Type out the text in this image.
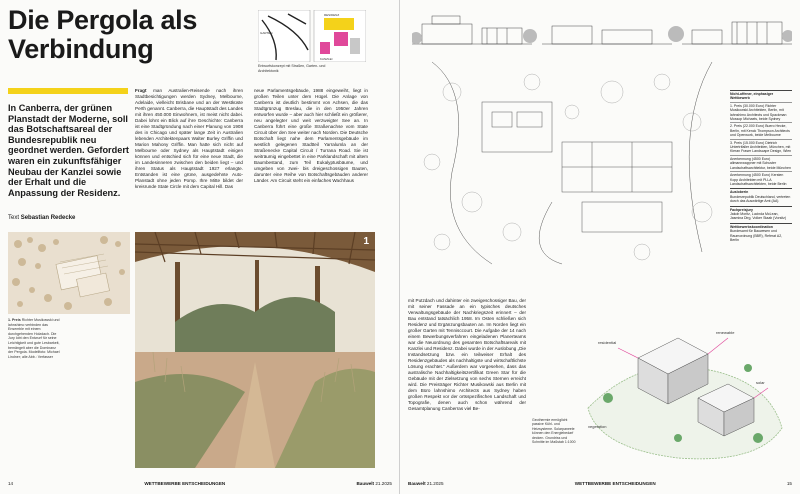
Die Pergola als Verbindung
GARTEN
RESIDENZ
KANZLEI
Entwurfskonzept mit Straßen, Garten- und Architektonik
In Canberra, der grünen Planstadt der Moderne, soll das Botschaftsareal der Bundesrepublik neu geordnet werden. Gefordert waren ein zukunftsfähiger Neubau der Kanzlei sowie der Erhalt und die Anpassung der Residenz.
Text Sebastian Redecke
Fragt man Australien-Reisende nach ihren Stadtbesichtigungen werden Sydney, Melbourne, Adelaide, vielleicht Brisbane und an der Westküste Perth genannt. Canberra, die Hauptstadt des Landes mit ihren 450.000 Einwohnern, ist meist nicht dabei. Dabei lohnt ein Blick auf ihre Geschichte: Canberra ist eine Stadtgründung nach einer Planung von 1908 des in Chicago und später lange Zeit in Australien lebenden Architektenpaars Walter Burley Griffin und Marion Mahony Griffin. Man hatte sich nicht auf Melbourne oder Sydney als Hauptstadt einigen können und entschied sich für eine neue Stadt, die im Landesinneren zwischen den beiden liegt – und ihren Status als Hauptstadt 1927 erlangte. Entstanden ist eine grüne, ausgedehnte Auto-Planstadt ohne jeden Pomp. Ihre Mitte bildet der kreisrunde State Circle mit dem Capital Hill. Das
neue Parlamentsgebäude, 1988 eingeweiht, liegt in großen Teilen unter dem Hügel. Die Anlage von Canberra ist deutlich bestimmt von Achsen, die das Stadtgrünzug Breslau, die in den 1950er Jahren entworfen wurde – aber auch hier schließt ein größerer, neu angelegter und weit verzweigter See an. In Canberra führt eine große Straßenachse vom State Circuit über den See weiter nach Norden. Die Deutsche Botschaft liegt nahe dem Parlamentsgebäude im westlich gelegenen Stadtteil Yarralumla an der Straßenecke Capital Circuit / Turrana Road. Sie ist weiträumig eingebettet in eine Parklandschaft mit altem Baumbestand, zum Teil Eukalyptusbäume, und umgeben von zwei- bis dreigeschossigen Bauten, darunter eine Reihe von Botschaftsgebäuden anderer Länder. Am Circuit steht ein einfaches Wachhaus
1. Preis Richter Musikowski und lahnshimo verbinden das Ensemble mit einem durchgehenden Holzdach. Die Jury lobt den Entwurf für seine Leichtigkeit und gute Lesbarkeit, bemängelt aber die Dominanz der Pergola. Modellfoto: Michael Lindner; alle Abb.: Verfasser
1
14	WETTBEWERBE ENTSCHEIDUNGEN	Bauwelt 21.2025
Nicht-offener, einphasiger Wettbewerb
1. Preis (30.000 Euro) Richter Musikowski Architekten, Berlin, mit lahnshimo Architects und Spackman Mossop Michaels, beide Sydney
2. Preis (22.000 Euro) Buero Hecke, Berlin, mit Kenck Thompson Architects und Openwork, beide Melbourne
3. Preis (15.000 Euro) Dietrich Untertrifaller Architekten, München, mit Kieran Fraser Landscape Design, Wien
Anerkennung (4500 Euro) allmannwappner mit Schuster Landschaftsarchitektur, beide München
Anerkennung (4500 Euro) Kersten Kopp Architekten mit PLLA Landschaftsarchitekten, beide Berlin
Ausloberin
Bundesrepublik Deutschland, vertreten durch das Auswärtige Amt (AA)
Fachpreisjury
Jakob Moritz, Lucinda McLean, Jasmina Dirg, Volker Staab (Vorsitz)
Wettbewerbskoordination
Bundesamt für Bauwesen und Raumordnung (BBR), Referat A2, Berlin
mit Putzdach und dahinter ein zweigeschossiger Bau, der mit seiner Fassade an ein typisches deutsches Verwaltungsgebäude der Nachkriegszeit erinnert – der Bau entstand tatsächlich 1958. Im Osten schließen sich Residenz und Ergänzungsbauten an. Im Norden liegt ein großer Garten mit Tennisccourt. Die Aufgabe der 14 nach einem Bewerbungsverfahren eingeladenen Planerteams war die Neuordnung des gesamten Botschaftsareals mit Kanzlei und Residenz. Dabei wurde in der Auslobung „Die Instandsetzung bzw. ein teilweiser Erhalt des Residenzgebäudes als nachhaltigste und wirtschaftlichste Lösung erachtet.“ Außerdem war vorgesehen, dass das australische Nachhaltigkeitszertifikat Green Star für die Gebäude mit der Zielsetzung von sechs Sternen erreicht wird. Die Preisträger Richter Musikowski aus Berlin mit dem Büro lahnshimo Architects aus Sydney haben großen Respekt vor der ortsspezifischen Landschaft und Topografie, denen auch schon während der Gesamtplanung Canberras viel Be-
residential
renewable
solar
vegetation
Geothermie ermöglicht passive Kühl- und Heizsysteme. Solarpaneele können den Energiebedarf decken. Grundriss und Schnitte im Maßstab 1:1000
Bauwelt 21.2025	WETTBEWERBE ENTSCHEIDUNGEN	15
